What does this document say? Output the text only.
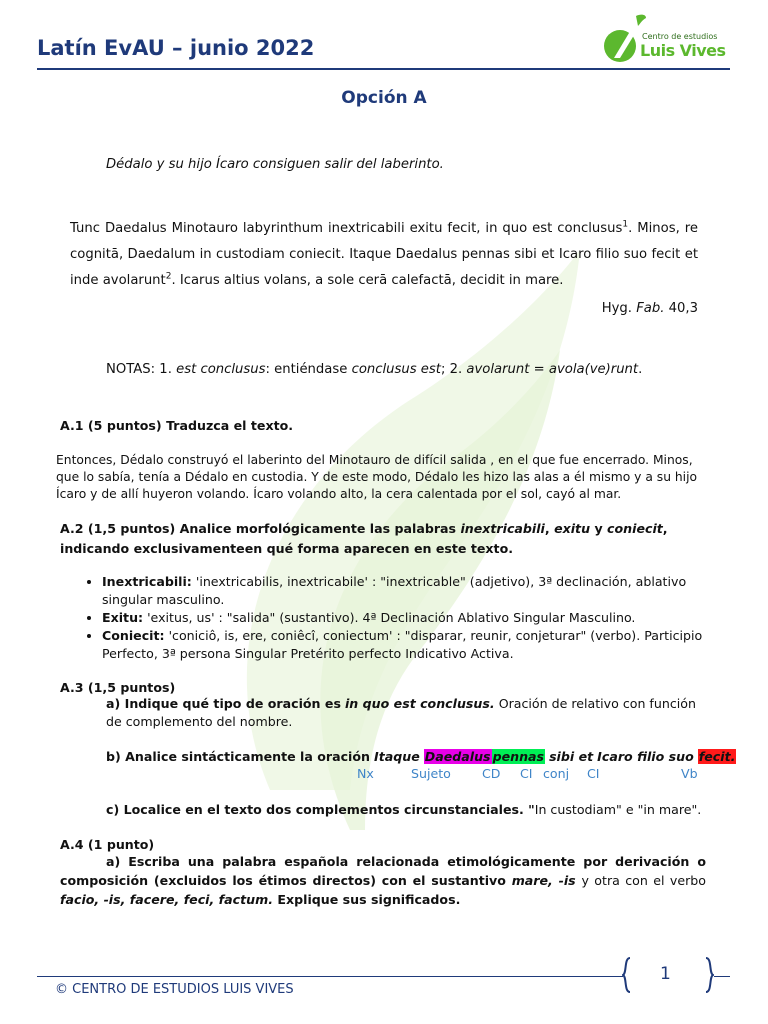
Latín EvAU – junio 2022	Centro de estudios
Luis Vives
Opción A
Dédalo y su hijo Ícaro consiguen salir del laberinto.
Tunc Daedalus Minotauro labyrinthum inextricabili exitu fecit, in quo est conclusus$^1$. Minos, re cognitā, Daedalum in custodiam coniecit. Itaque Daedalus pennas sibi et Icaro filio suo fecit et inde avolarunt$^2$. Icarus altius volans, a sole cerā calefactā, decidit in mare.
Hyg. Fab. 40,3
NOTAS: 1. est conclusus: entiéndase conclusus est; 2. avolarunt = avola(ve)runt.
A.1 (5 puntos) Traduzca el texto.
Entonces, Dédalo construyó el laberinto del Minotauro de difícil salida , en el que fue encerrado. Minos, que lo sabía, tenía a Dédalo en custodia. Y de este modo, Dédalo les hizo las alas a él mismo y a su hijo Ícaro y de allí huyeron volando. Ícaro volando alto, la cera calentada por el sol, cayó al mar.
A.2 (1,5 puntos) Analice morfológicamente las palabras inextricabili, exitu y coniecit, indicando exclusivamenteen qué forma aparecen en este texto.
• Inextricabili: 'inextricabilis, inextricabile' : "inextricable" (adjetivo), 3ª declinación, ablativo singular masculino.
• Exitu: 'exitus, us' : "salida" (sustantivo). 4ª Declinación Ablativo Singular Masculino.
• Coniecit: 'coniciô, is, ere, coniêcî, coniectum' : "disparar, reunir, conjeturar" (verbo). Participio Perfecto, 3ª persona Singular Pretérito perfecto Indicativo Activa.
A.3 (1,5 puntos)
a) Indique qué tipo de oración es in quo est conclusus. Oración de relativo con función de complemento del nombre.
b) Analice sintácticamente la oración Itaque Daedalus pennas sibi et Icaro filio suo fecit.
Nx	Sujeto CD CI conj CI	Vb
c) Localice en el texto dos complementos circunstanciales. "In custodiam" e "in mare".
A.4 (1 punto)
a) Escriba una palabra española relacionada etimológicamente por derivación o composición (excluidos los étimos directos) con el sustantivo mare, -is y otra con el verbo facio, -is, facere, feci, factum. Explique sus significados.
1
© CENTRO DE ESTUDIOS LUIS VIVES
